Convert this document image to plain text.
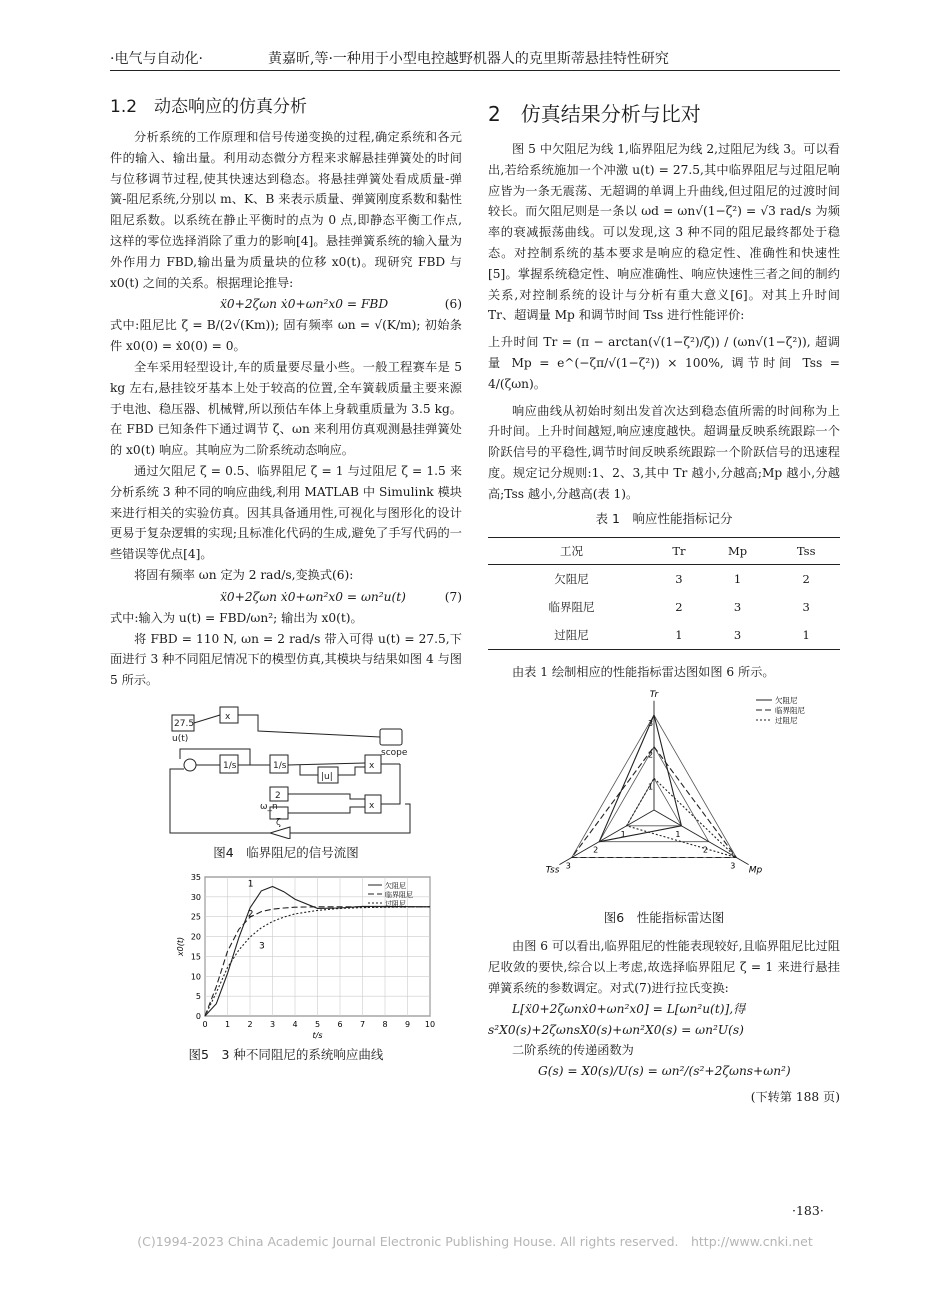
·电气与自动化·	黄嘉昕,等·一种用于小型电控越野机器人的克里斯蒂悬挂特性研究
1.2　动态响应的仿真分析

分析系统的工作原理和信号传递变换的过程,确定系统和各元件的输入、输出量。利用动态微分方程来求解悬挂弹簧处的时间与位移调节过程,使其快速达到稳态。将悬挂弹簧处看成质量-弹簧-阻尼系统,分别以 m、K、B 来表示质量、弹簧刚度系数和黏性阻尼系数。以系统在静止平衡时的点为 0 点,即静态平衡工作点,这样的零位选择消除了重力的影响[4]。悬挂弹簧系统的输入量为外作用力 FBD,输出量为质量块的位移 x0(t)。现研究 FBD 与 x0(t) 之间的关系。根据理论推导:

ẍ0+2ζωn ẋ0+ωn²x0 = FBD	(6)

式中:阻尼比 ζ = B/(2√(Km)); 固有频率 ωn = √(K/m); 初始条件 x0(0) = ẋ0(0) = 0。

全车采用轻型设计,车的质量要尽量小些。一般工程赛车是 5 kg 左右,悬挂铰牙基本上处于较高的位置,全车簧载质量主要来源于电池、稳压器、机械臂,所以预估车体上身载重质量为 3.5 kg。在 FBD 已知条件下通过调节 ζ、ωn 来利用仿真观测悬挂弹簧处的 x0(t) 响应。其响应为二阶系统动态响应。

通过欠阻尼 ζ = 0.5、临界阻尼 ζ = 1 与过阻尼 ζ = 1.5 来分析系统 3 种不同的响应曲线,利用 MATLAB 中 Simulink 模块来进行相关的实验仿真。因其具备通用性,可视化与图形化的设计更易于复杂逻辑的实现;且标准化代码的生成,避免了手写代码的一些错误等优点[4]。

将固有频率 ωn 定为 2 rad/s,变换式(6):

ẍ0+2ζωn ẋ0+ωn²x0 = ωn²u(t)	(7)

式中:输入为 u(t) = FBD/ωn²; 输出为 x0(t)。

将 FBD = 110 N, ωn = 2 rad/s 带入可得 u(t) = 27.5,下面进行 3 种不同阻尼情况下的模型仿真,其模块与结果如图 4 与图 5 所示。

27.5
u(t)
x
1/s	1/s
|u|
x
scope
2
ω_n	x
ζ
图4　临界阻尼的信号流图
0 1 2 3 4 5 6 7 8 9 10
0
5
10
15
20
25
30
35
t/s
x0(t)
1	欠阻尼
2
临界阻尼
3
过阻尼
图5　3 种不同阻尼的系统响应曲线
2　仿真结果分析与比对

图 5 中欠阻尼为线 1,临界阻尼为线 2,过阻尼为线 3。可以看出,若给系统施加一个冲激 u(t) = 27.5,其中临界阻尼与过阻尼响应皆为一条无震荡、无超调的单调上升曲线,但过阻尼的过渡时间较长。而欠阻尼则是一条以 ωd = ωn√(1−ζ²) = √3 rad/s 为频率的衰减振荡曲线。可以发现,这 3 种不同的阻尼最终都处于稳态。对控制系统的基本要求是响应的稳定性、准确性和快速性[5]。掌握系统稳定性、响应准确性、响应快速性三者之间的制约关系,对控制系统的设计与分析有重大意义[6]。对其上升时间 Tr、超调量 Mp 和调节时间 Tss 进行性能评价:

上升时间 Tr = (π − arctan(√(1−ζ²)/ζ)) / (ωn√(1−ζ²)), 超调量 Mp = e^(−ζπ/√(1−ζ²)) × 100%, 调节时间 Tss = 4/(ζωn)。

响应曲线从初始时刻出发首次达到稳态值所需的时间称为上升时间。上升时间越短,响应速度越快。超调量反映系统跟踪一个阶跃信号的平稳性,调节时间反映系统跟踪一个阶跃信号的迅速程度。规定记分规则:1、2、3,其中 Tr 越小,分越高;Mp 越小,分越高;Tss 越小,分越高(表 1)。

表 1　响应性能指标记分
工况	Tr	Mp	Tss
欠阻尼	3	1	2
临界阻尼	2	3	3
过阻尼	1	3	1

由表 1 绘制相应的性能指标雷达图如图 6 所示。

Tr
1
2
3
Mp
1
2
3
Tss
1
2
3
欠阻尼
临界阻尼
过阻尼
图6　性能指标雷达图

由图 6 可以看出,临界阻尼的性能表现较好,且临界阻尼比过阻尼收敛的要快,综合以上考虑,故选择临界阻尼 ζ = 1 来进行悬挂弹簧系统的参数调定。对式(7)进行拉氏变换:

L[ẍ0+2ζωnẋ0+ωn²x0] = L[ωn²u(t)],得

s²X0(s)+2ζωnsX0(s)+ωn²X0(s) = ωn²U(s)

二阶系统的传递函数为

G(s) = X0(s)/U(s) = ωn²/(s²+2ζωns+ωn²)

(下转第 188 页)
·183·
(C)1994-2023 China Academic Journal Electronic Publishing House. All rights reserved.　http://www.cnki.net
